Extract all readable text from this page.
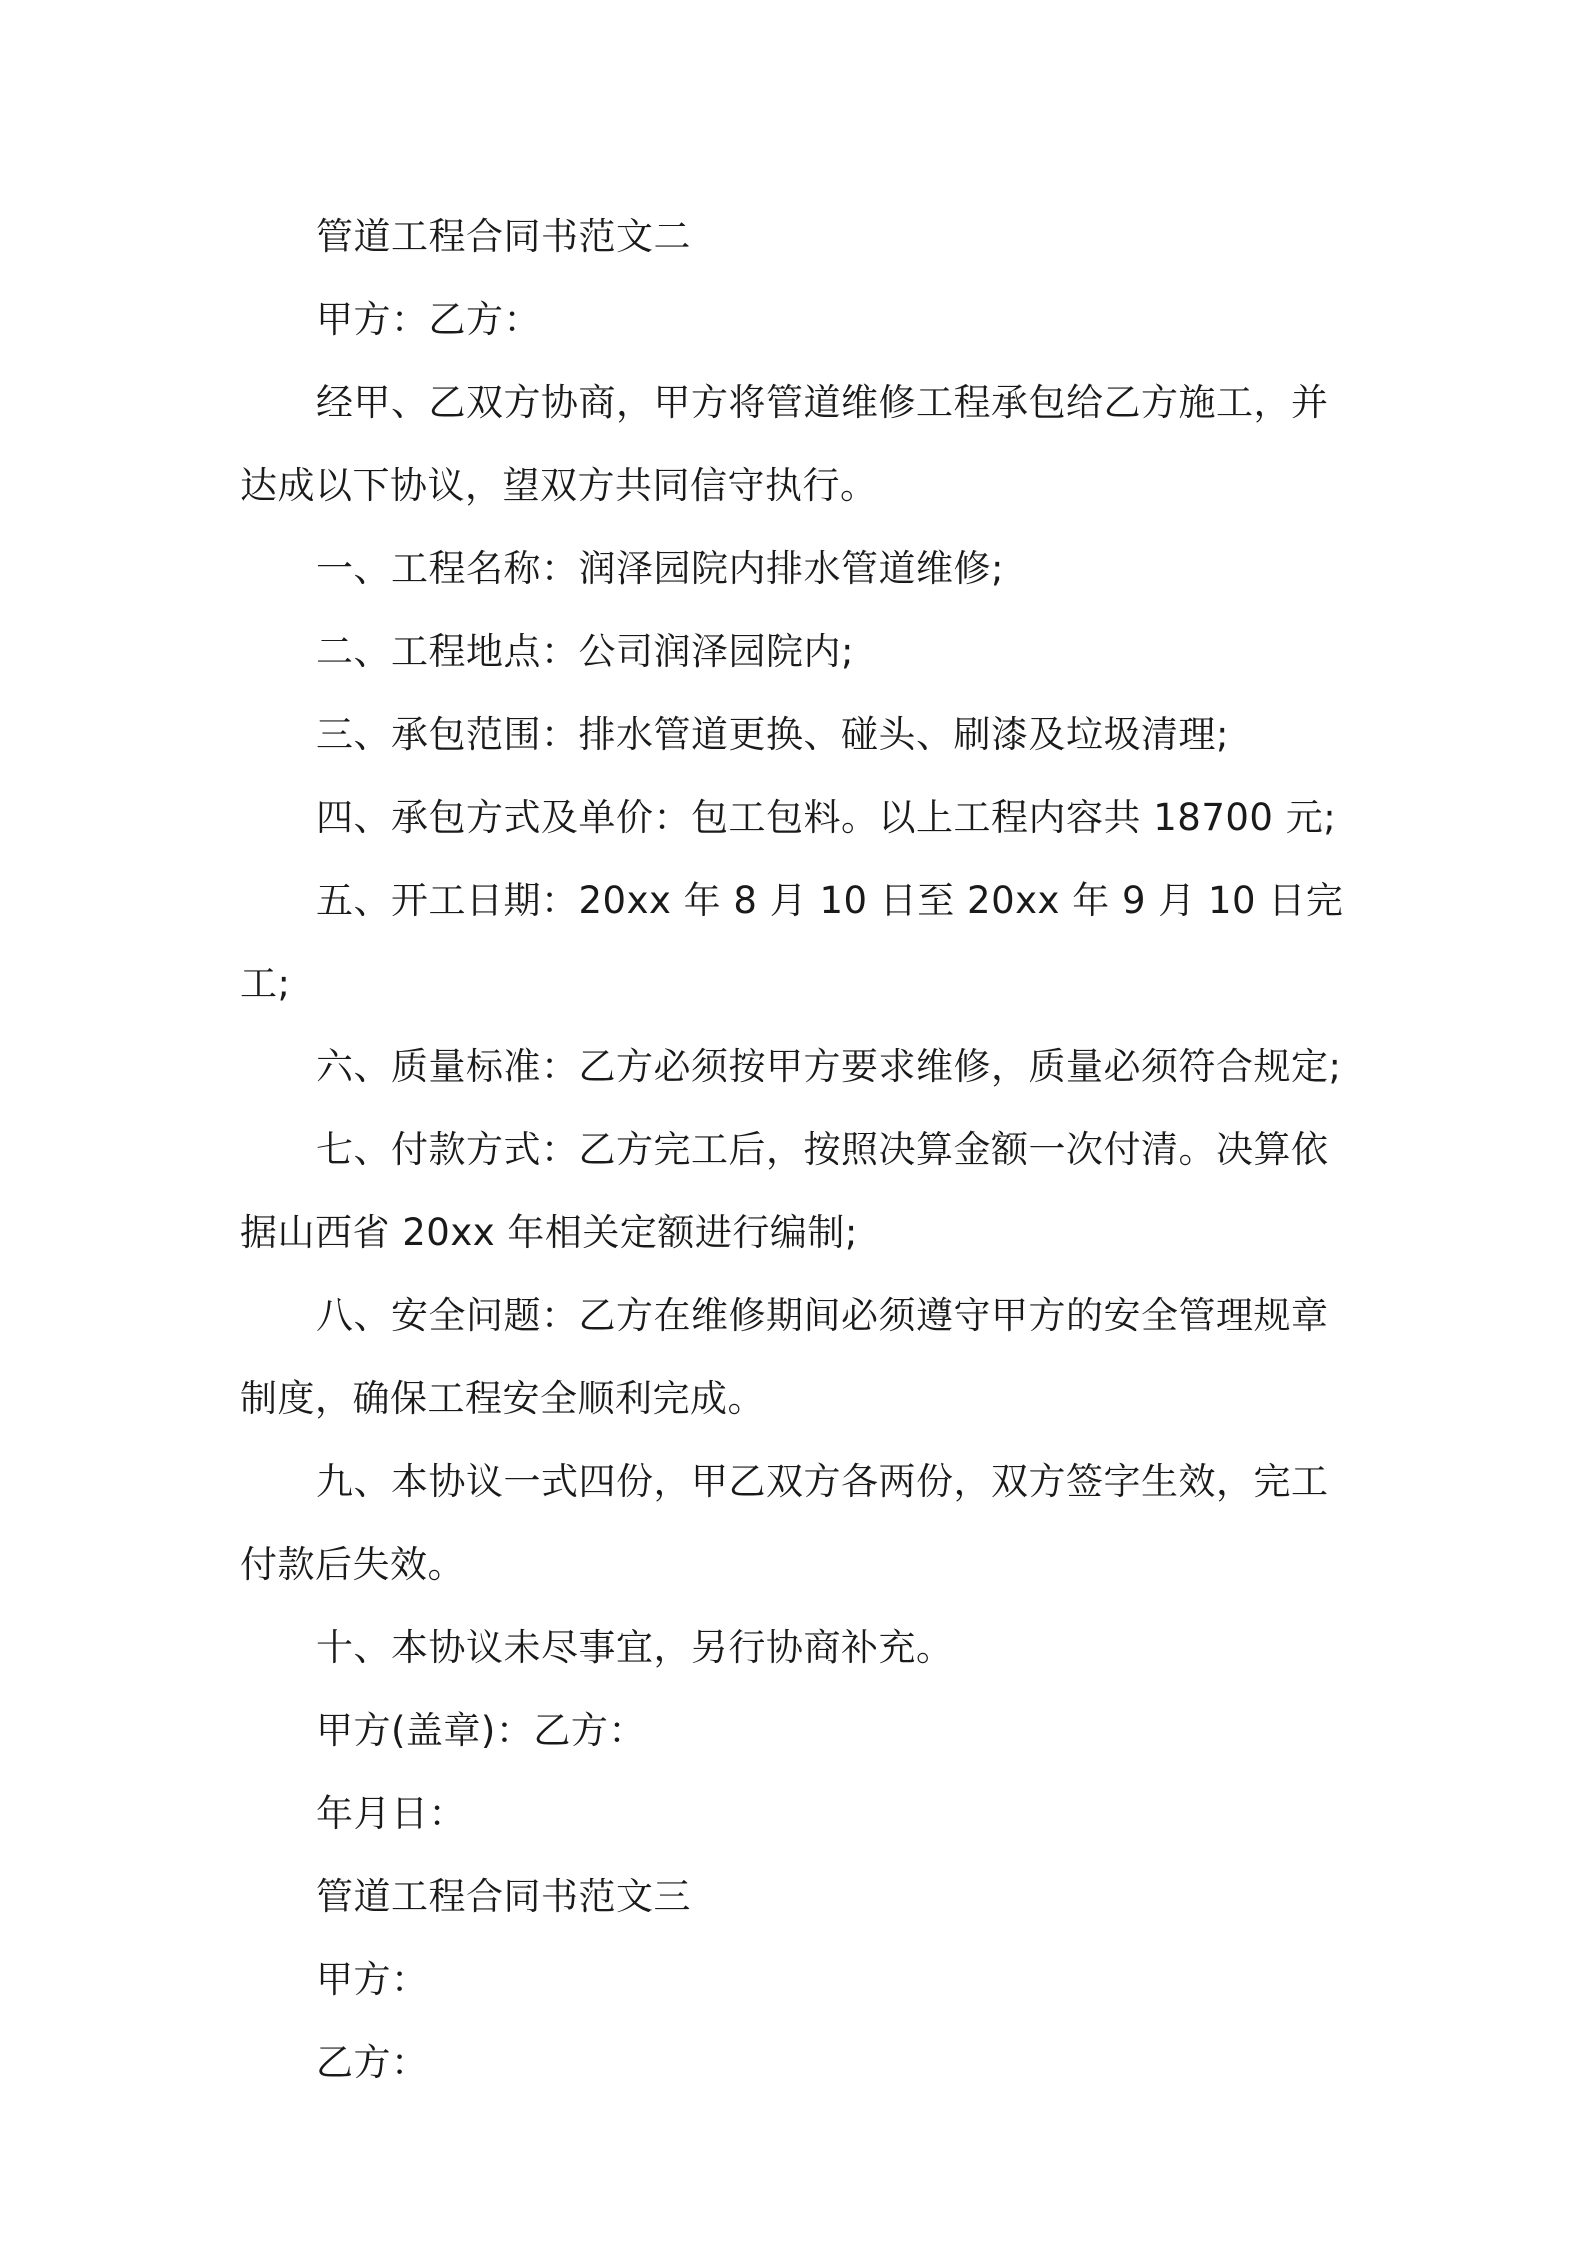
管道工程合同书范文二

甲方：乙方：

经甲、乙双方协商，甲方将管道维修工程承包给乙方施工，并达成以下协议，望双方共同信守执行。

一、工程名称：润泽园院内排水管道维修;

二、工程地点：公司润泽园院内;

三、承包范围：排水管道更换、碰头、刷漆及垃圾清理;

四、承包方式及单价：包工包料。以上工程内容共 18700 元;

五、开工日期：20xx 年 8 月 10 日至 20xx 年 9 月 10 日完工;

六、质量标准：乙方必须按甲方要求维修，质量必须符合规定;

七、付款方式：乙方完工后，按照决算金额一次付清。决算依据山西省 20xx 年相关定额进行编制;

八、安全问题：乙方在维修期间必须遵守甲方的安全管理规章制度，确保工程安全顺利完成。

九、本协议一式四份，甲乙双方各两份，双方签字生效，完工付款后失效。

十、本协议未尽事宜，另行协商补充。

甲方(盖章)：乙方：

年月日：

管道工程合同书范文三

甲方：

乙方：
